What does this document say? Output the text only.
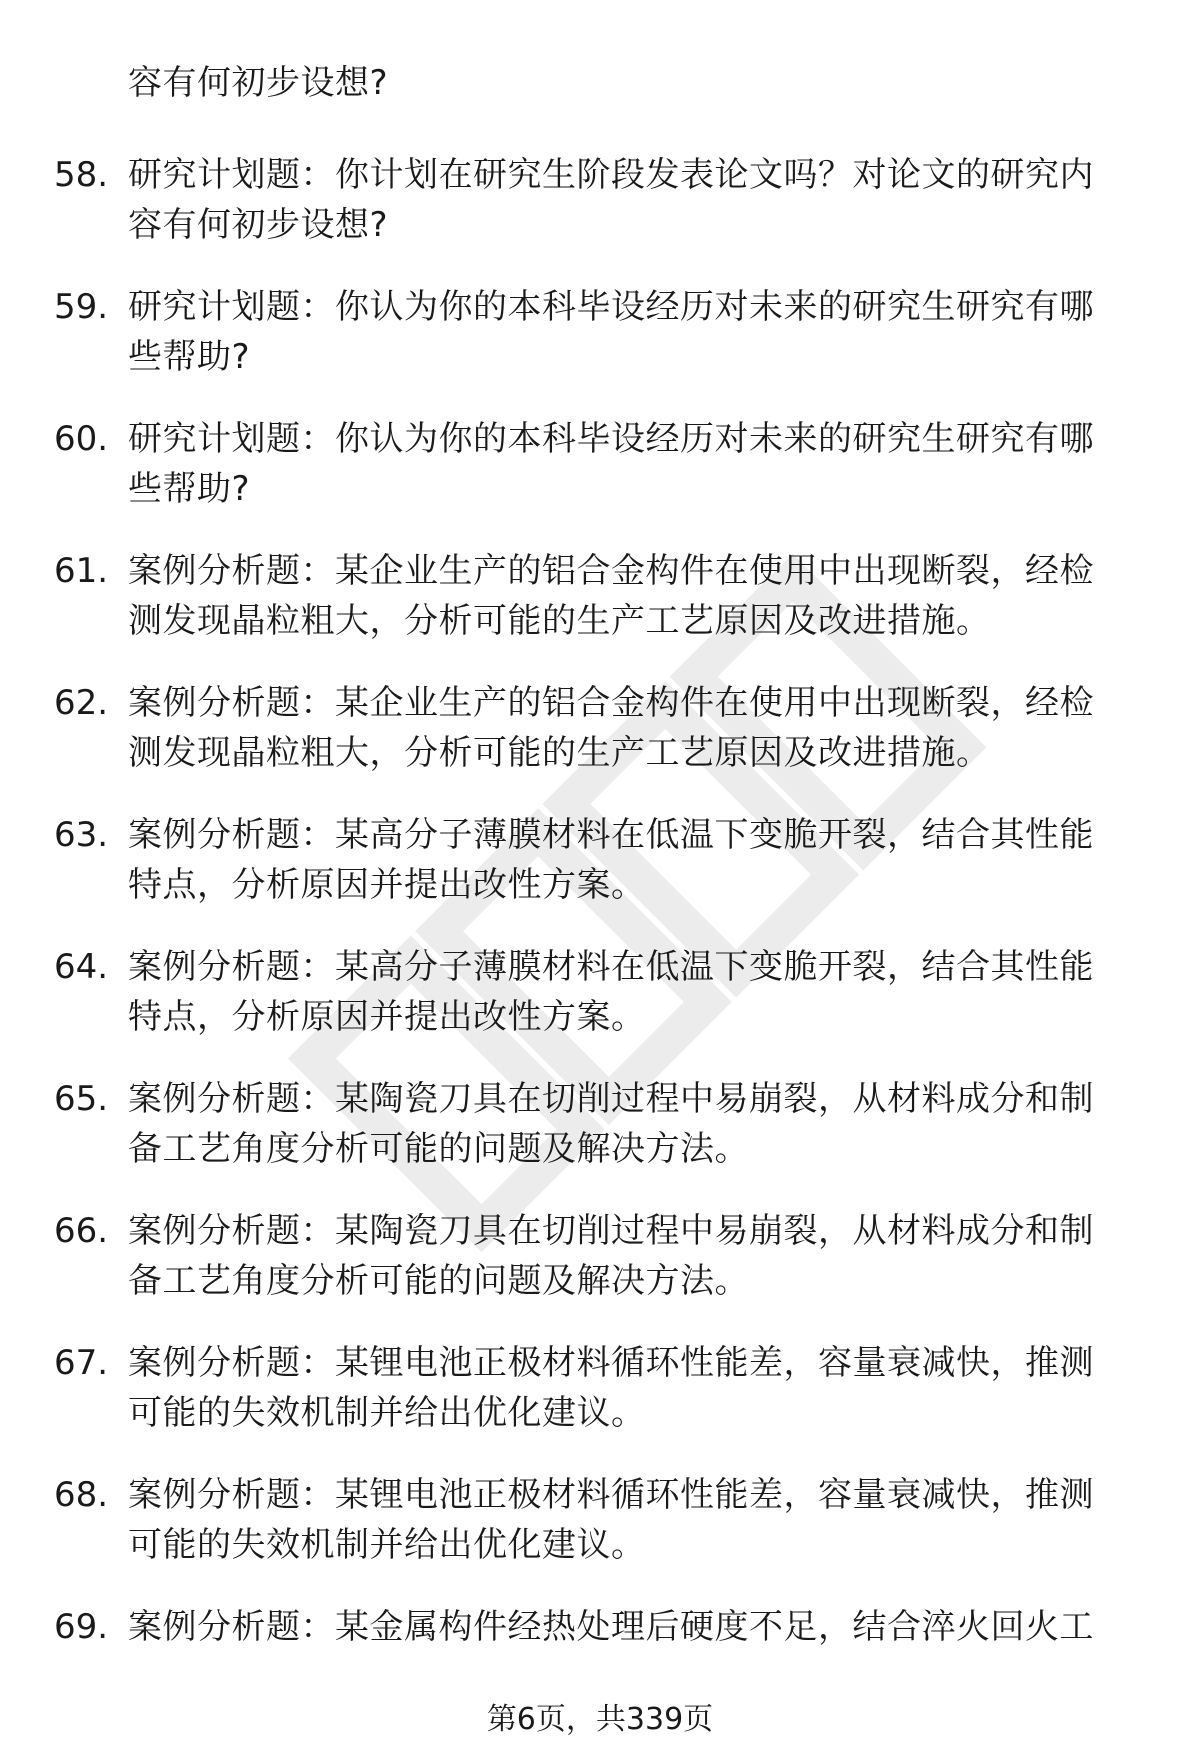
容有何初步设想?
58. 研究计划题：你计划在研究生阶段发表论文吗？对论文的研究内
容有何初步设想?
59. 研究计划题：你认为你的本科毕设经历对未来的研究生研究有哪
些帮助?
60. 研究计划题：你认为你的本科毕设经历对未来的研究生研究有哪
些帮助?
61. 案例分析题：某企业生产的铝合金构件在使用中出现断裂，经检
测发现晶粒粗大，分析可能的生产工艺原因及改进措施。
62. 案例分析题：某企业生产的铝合金构件在使用中出现断裂，经检
测发现晶粒粗大，分析可能的生产工艺原因及改进措施。
63. 案例分析题：某高分子薄膜材料在低温下变脆开裂，结合其性能
特点，分析原因并提出改性方案。
64. 案例分析题：某高分子薄膜材料在低温下变脆开裂，结合其性能
特点，分析原因并提出改性方案。
65. 案例分析题：某陶瓷刀具在切削过程中易崩裂，从材料成分和制
备工艺角度分析可能的问题及解决方法。
66. 案例分析题：某陶瓷刀具在切削过程中易崩裂，从材料成分和制
备工艺角度分析可能的问题及解决方法。
67. 案例分析题：某锂电池正极材料循环性能差，容量衰减快，推测
可能的失效机制并给出优化建议。
68. 案例分析题：某锂电池正极材料循环性能差，容量衰减快，推测
可能的失效机制并给出优化建议。
69. 案例分析题：某金属构件经热处理后硬度不足，结合淬火回火工
第6页，共339页
